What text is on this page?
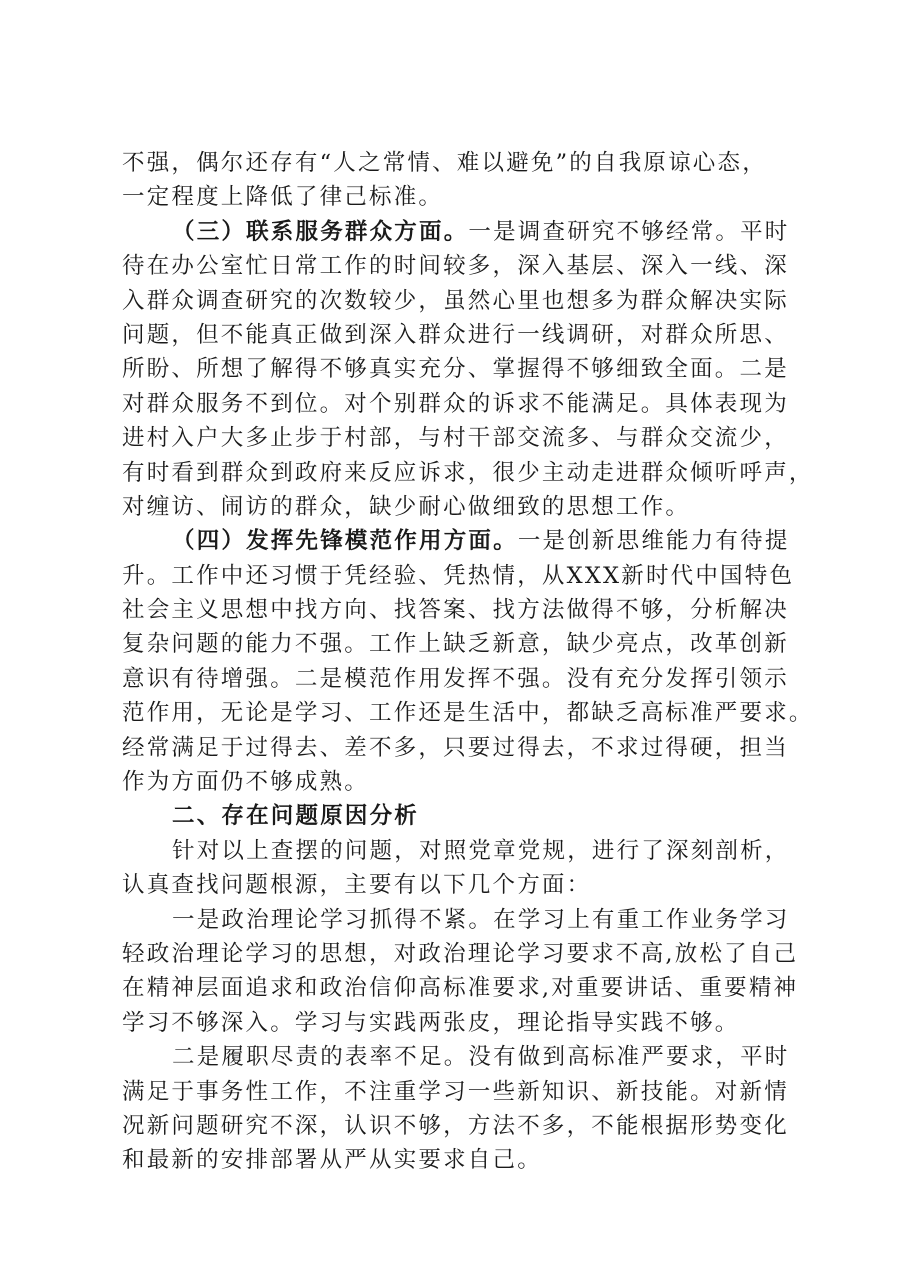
不强，偶尔还存有“人之常情、难以避免”的自我原谅心态，
一定程度上降低了律己标准。
（三）联系服务群众方面。一是调查研究不够经常。平时
待在办公室忙日常工作的时间较多，深入基层、深入一线、深
入群众调查研究的次数较少，虽然心里也想多为群众解决实际
问题，但不能真正做到深入群众进行一线调研，对群众所思、
所盼、所想了解得不够真实充分、掌握得不够细致全面。二是
对群众服务不到位。对个别群众的诉求不能满足。具体表现为
进村入户大多止步于村部，与村干部交流多、与群众交流少，
有时看到群众到政府来反应诉求，很少主动走进群众倾听呼声，
对缠访、闹访的群众，缺少耐心做细致的思想工作。
（四）发挥先锋模范作用方面。一是创新思维能力有待提
升。工作中还习惯于凭经验、凭热情，从XXX新时代中国特色
社会主义思想中找方向、找答案、找方法做得不够，分析解决
复杂问题的能力不强。工作上缺乏新意，缺少亮点，改革创新
意识有待增强。二是模范作用发挥不强。没有充分发挥引领示
范作用，无论是学习、工作还是生活中，都缺乏高标准严要求。
经常满足于过得去、差不多，只要过得去，不求过得硬，担当
作为方面仍不够成熟。
二、存在问题原因分析
针对以上查摆的问题，对照党章党规，进行了深刻剖析，
认真查找问题根源，主要有以下几个方面：
一是政治理论学习抓得不紧。在学习上有重工作业务学习
轻政治理论学习的思想，对政治理论学习要求不高,放松了自己
在精神层面追求和政治信仰高标准要求,对重要讲话、重要精神
学习不够深入。学习与实践两张皮，理论指导实践不够。
二是履职尽责的表率不足。没有做到高标准严要求，平时
满足于事务性工作，不注重学习一些新知识、新技能。对新情
况新问题研究不深，认识不够，方法不多，不能根据形势变化
和最新的安排部署从严从实要求自己。
